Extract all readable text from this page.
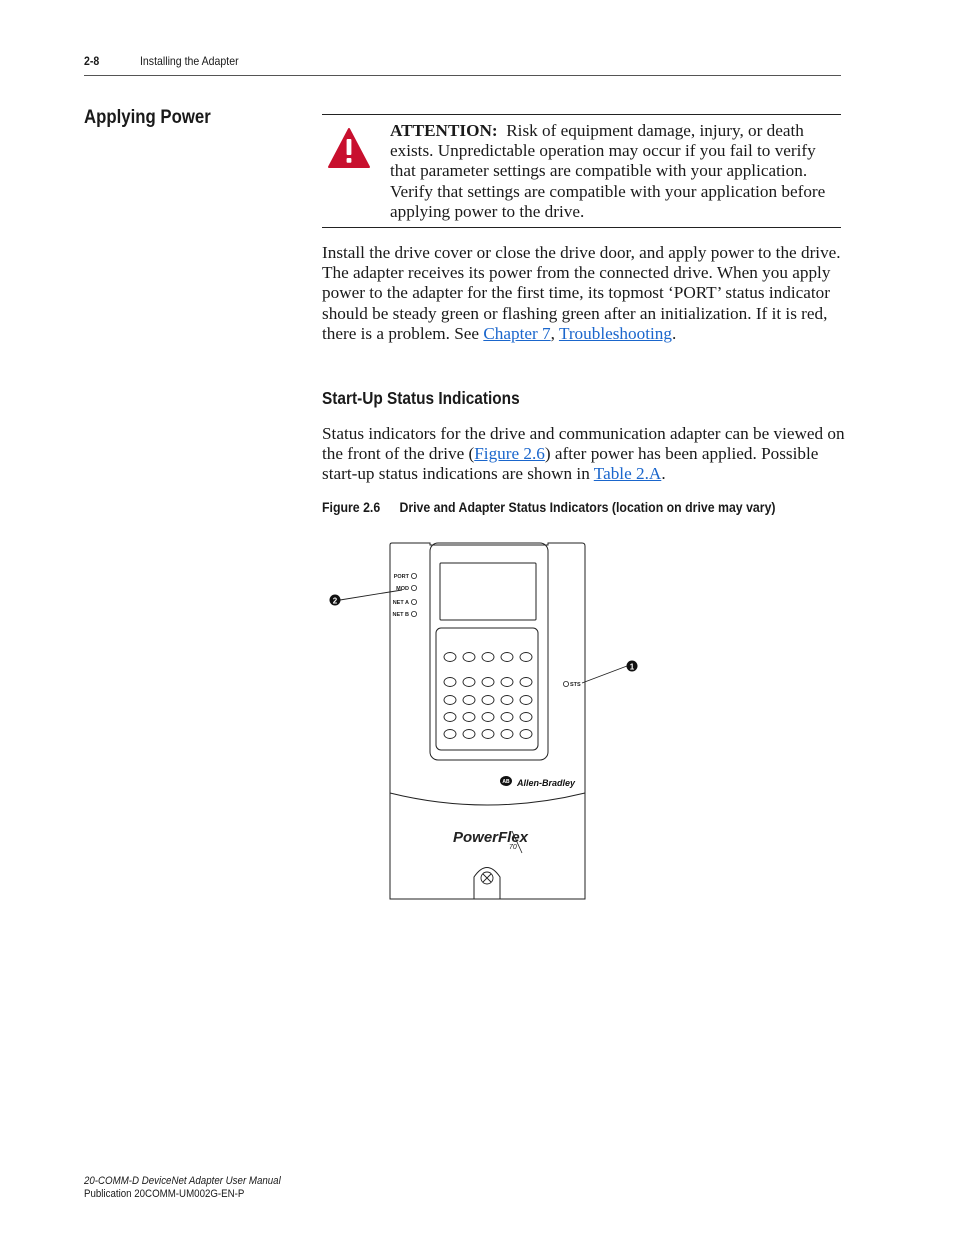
2-8	Installing the Adapter
Applying Power
ATTENTION: Risk of equipment damage, injury, or death exists. Unpredictable operation may occur if you fail to verify that parameter settings are compatible with your application. Verify that settings are compatible with your application before applying power to the drive.
Install the drive cover or close the drive door, and apply power to the drive. The adapter receives its power from the connected drive. When you apply power to the adapter for the first time, its topmost ‘PORT’ status indicator should be steady green or flashing green after an initialization. If it is red, there is a problem. See Chapter 7, Troubleshooting.
Start-Up Status Indications
Status indicators for the drive and communication adapter can be viewed on the front of the drive (Figure 2.6) after power has been applied. Possible start-up status indications are shown in Table 2.A.
Figure 2.6 Drive and Adapter Status Indicators (location on drive may vary)
PORT
MOD
NET A
NET B
STS
2
1
AB Allen-Bradley
PowerFlex
70
20-COMM-D DeviceNet Adapter User Manual
Publication 20COMM-UM002G-EN-P
